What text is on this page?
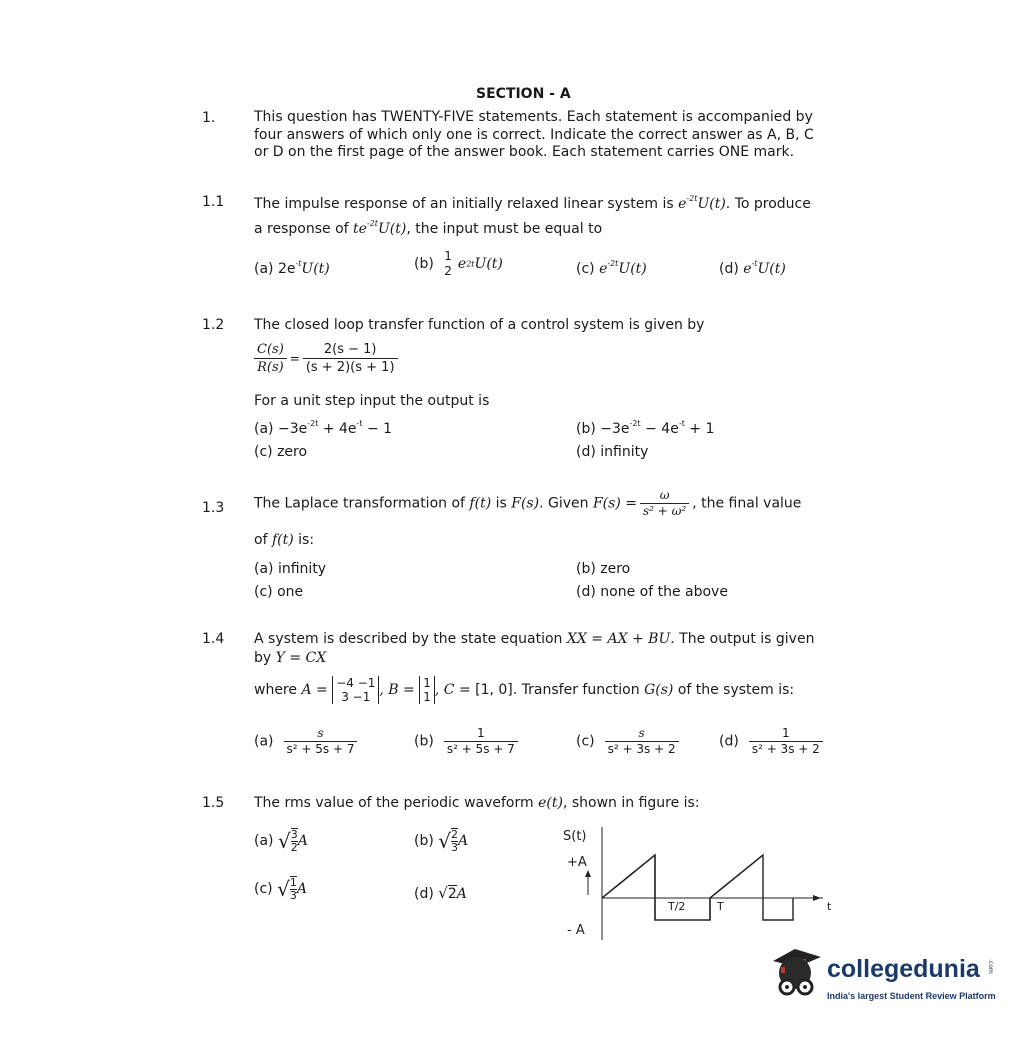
SECTION - A
1.	This question has TWENTY-FIVE statements. Each statement is accompanied by
four answers of which only one is correct. Indicate the correct answer as A, B, C
or D on the first page of the answer book. Each statement carries ONE mark.
1.1 The impulse response of an initially relaxed linear system is $e^{-2t}U(t)$. To produce
a response of $te^{-2t}U(t)$, the input must be equal to
(a) $2e^{-t}U(t)$	(b) 1
2 e2tU(t)	(c) $e^{-2t}U(t)$	(d) $e^{-t}U(t)$
1.2 The closed loop transfer function of a control system is given by
$\frac{C(s)}{R(s)} = \frac{2(s - 1)}{(s + 2)(s + 1)}$
For a unit step input the output is
$(a) -3e^{-2t} + 4e^{-t} - 1$	$(b) -3e^{-2t} - 4e^{-t} + 1$
(c) zero	(d) infinity
1.3 The Laplace transformation of f(t) is F(s). Given $F(s) = \frac{\omega}{\text{s² + ω²}}$ , the final value
of f(t) is:
(a) infinity	(b) zero
(c) one	(d) none of the above
1.4 A system is described by the state equation XX = AX + BU. The output is given
by Y = CX
where A = −4 −1
3 −1 , B = 1
1 , C = [1, 0]. Transfer function G(s) of the system is:
$(a) \frac{s}{\text{s² + 5s + 7}}$	$(b) \frac{1}{\text{s² + 5s + 7}}$	$(c) \frac{s}{\text{s² + 3s + 2}}$	$(d) \frac{1}{\text{s² + 3s + 2}}$
1.5 The rms value of the periodic waveform e(t), shown in figure is:
(a) √ $\frac{3}{2}$ A	(b) √ $\frac{2}{3}$ A
(c) √ $\frac{1}{3}$ A	(d) √2A
S(t)
+A
- A
t
T/2	T
collegedunia .com
India's largest Student Review Platform
